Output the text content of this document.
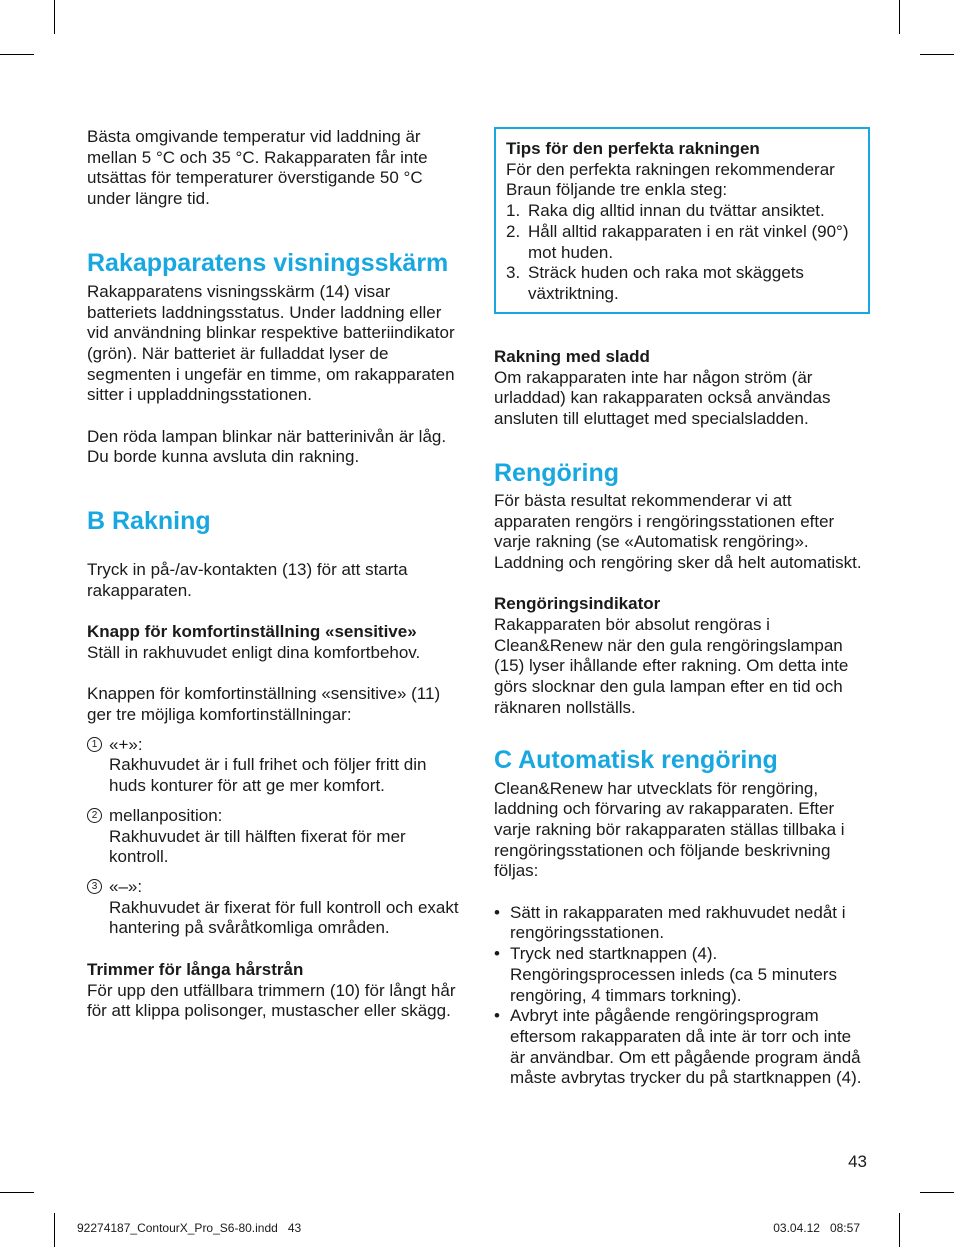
Bästa omgivande temperatur vid laddning är mellan 5 °C och 35 °C. Rakapparaten får inte utsättas för temperaturer överstigande 50 °C under längre tid.

Rakapparatens visningsskärm

Rakapparatens visningsskärm (14) visar batteriets laddningsstatus. Under laddning eller vid användning blinkar respektive batteriindikator (grön). När batteriet är fulladdat lyser de segmenten i ungefär en timme, om rakapparaten sitter i uppladdningsstationen.

Den röda lampan blinkar när batterinivån är låg.

Du borde kunna avsluta din rakning.

B Rakning

Tryck in på-/av-kontakten (13) för att starta rakapparaten.

Knapp för komfortinställning «sensitive»

Ställ in rakhuvudet enligt dina komfortbehov.

Knappen för komfortinställning «sensitive» (11) ger tre möjliga komfortinställningar:

1 «+»:

Rakhuvudet är i full frihet och följer fritt din huds konturer för att ge mer komfort.

2 mellanposition:

Rakhuvudet är till hälften fixerat för mer kontroll.

3 «–»:

Rakhuvudet är fixerat för full kontroll och exakt hantering på svåråtkomliga områden.

Trimmer för långa hårstrån

För upp den utfällbara trimmern (10) för långt hår för att klippa polisonger, mustascher eller skägg.

Tips för den perfekta rakningen

För den perfekta rakningen rekommenderar Braun följande tre enkla steg:

1. Raka dig alltid innan du tvättar ansiktet.

2. Håll alltid rakapparaten i en rät vinkel (90°) mot huden.

3. Sträck huden och raka mot skäggets växtriktning.

Rakning med sladd

Om rakapparaten inte har någon ström (är urladdad) kan rakapparaten också användas ansluten till eluttaget med specialsladden.

Rengöring

För bästa resultat rekommenderar vi att apparaten rengörs i rengöringsstationen efter varje rakning (se «Automatisk rengöring». Laddning och rengöring sker då helt automatiskt.

Rengöringsindikator

Rakapparaten bör absolut rengöras i Clean&Renew när den gula rengöringslampan (15) lyser ihållande efter rakning. Om detta inte görs slocknar den gula lampan efter en tid och räknaren nollställs.

C Automatisk rengöring

Clean&Renew har utvecklats för rengöring, laddning och förvaring av rakapparaten. Efter varje rakning bör rakapparaten ställas tillbaka i rengöringsstationen och följande beskrivning följas:

• Sätt in rakapparaten med rakhuvudet nedåt i rengöringsstationen.

• Tryck ned startknappen (4). Rengöringsprocessen inleds (ca 5 minuters rengöring, 4 timmars torkning).

• Avbryt inte pågående rengöringsprogram eftersom rakapparaten då inte är torr och inte är användbar. Om ett pågående program ändå måste avbrytas trycker du på startknappen (4).

43
92274187_ContourX_Pro_S6-80.indd   43	03.04.12   08:57
